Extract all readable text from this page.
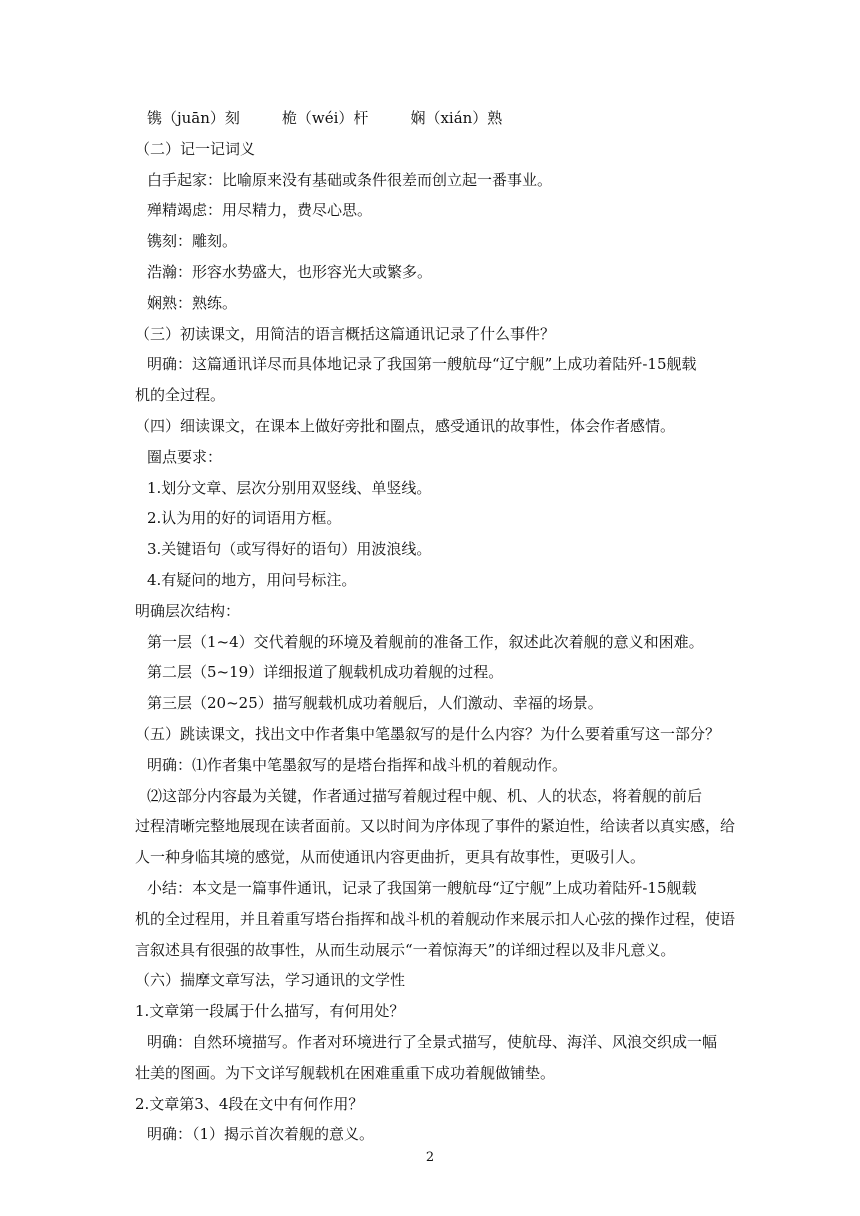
镌（juān）刻	桅（wéi）杆	娴（xián）熟
（二）记一记词义
白手起家：比喻原来没有基础或条件很差而创立起一番事业。
殚精竭虑：用尽精力，费尽心思。
镌刻：雕刻。
浩瀚：形容水势盛大，也形容光大或繁多。
娴熟：熟练。
（三）初读课文，用简洁的语言概括这篇通讯记录了什么事件？
明确：这篇通讯详尽而具体地记录了我国第一艘航母“辽宁舰”上成功着陆歼-15舰载
机的全过程。
（四）细读课文，在课本上做好旁批和圈点，感受通讯的故事性，体会作者感情。
圈点要求：
1.划分文章、层次分别用双竖线、单竖线。
2.认为用的好的词语用方框。
3.关键语句（或写得好的语句）用波浪线。
4.有疑问的地方，用问号标注。
明确层次结构：
第一层（1~4）交代着舰的环境及着舰前的准备工作，叙述此次着舰的意义和困难。
第二层（5~19）详细报道了舰载机成功着舰的过程。
第三层（20~25）描写舰载机成功着舰后，人们激动、幸福的场景。
（五）跳读课文，找出文中作者集中笔墨叙写的是什么内容？为什么要着重写这一部分？
明确：⑴作者集中笔墨叙写的是塔台指挥和战斗机的着舰动作。
⑵这部分内容最为关键，作者通过描写着舰过程中舰、机、人的状态，将着舰的前后
过程清晰完整地展现在读者面前。又以时间为序体现了事件的紧迫性，给读者以真实感，给
人一种身临其境的感觉，从而使通讯内容更曲折，更具有故事性，更吸引人。
小结：本文是一篇事件通讯，记录了我国第一艘航母“辽宁舰”上成功着陆歼-15舰载
机的全过程用，并且着重写塔台指挥和战斗机的着舰动作来展示扣人心弦的操作过程，使语
言叙述具有很强的故事性，从而生动展示“一着惊海天”的详细过程以及非凡意义。
（六）揣摩文章写法，学习通讯的文学性
1.文章第一段属于什么描写，有何用处？
明确：自然环境描写。作者对环境进行了全景式描写，使航母、海洋、风浪交织成一幅
壮美的图画。为下文详写舰载机在困难重重下成功着舰做铺垫。
2.文章第3、4段在文中有何作用？
明确：（1）揭示首次着舰的意义。
2
